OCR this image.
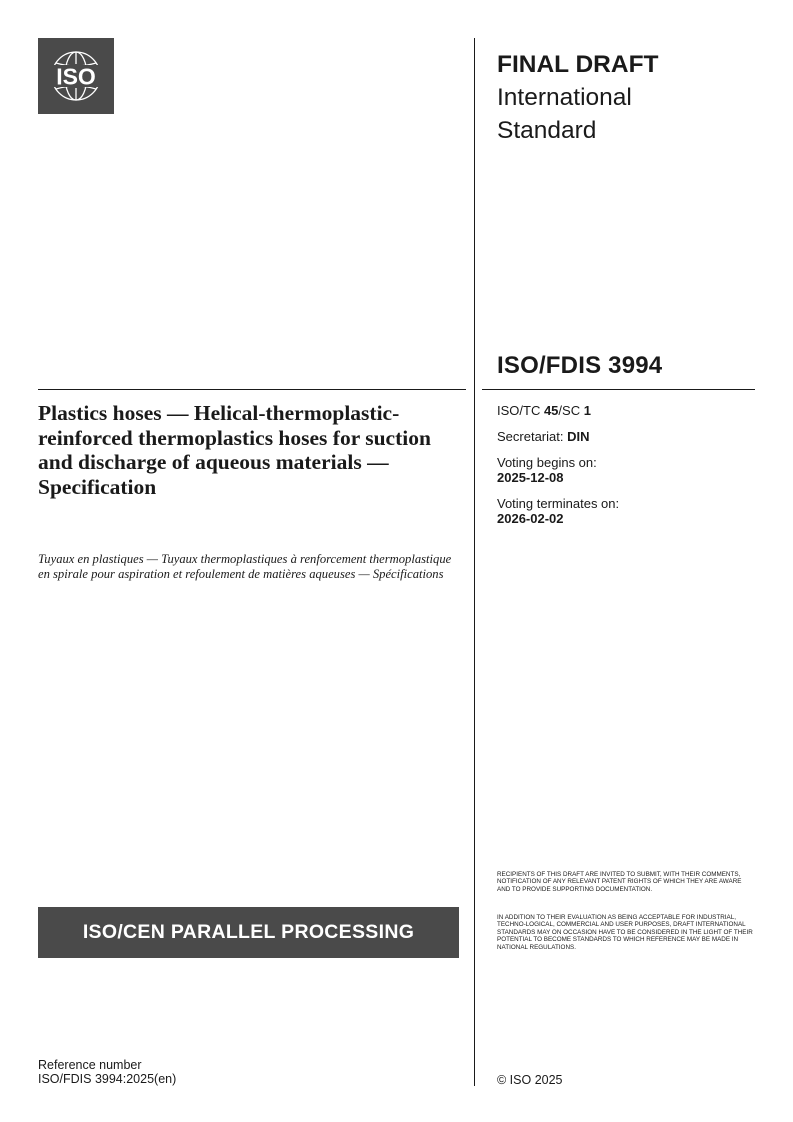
ISO	FINAL DRAFT
International
Standard
ISO/FDIS 3994
Plastics hoses — Helical-thermoplastic-reinforced thermoplastics hoses for suction and discharge of aqueous materials — Specification
Tuyaux en plastiques — Tuyaux thermoplastiques à renforcement thermoplastique en spirale pour aspiration et refoulement de matières aqueuses — Spécifications
ISO/TC 45/SC 1
Secretariat: DIN
Voting begins on:
2025-12-08
Voting terminates on:
2026-02-02
RECIPIENTS OF THIS DRAFT ARE INVITED TO SUBMIT, WITH THEIR COMMENTS, NOTIFICATION OF ANY RELEVANT PATENT RIGHTS OF WHICH THEY ARE AWARE AND TO PROVIDE SUPPORTING DOCUMENTATION.
IN ADDITION TO THEIR EVALUATION AS BEING ACCEPTABLE FOR INDUSTRIAL, TECHNO-LOGICAL, COMMERCIAL AND USER PURPOSES, DRAFT INTERNATIONAL STANDARDS MAY ON OCCASION HAVE TO BE CONSIDERED IN THE LIGHT OF THEIR POTENTIAL TO BECOME STANDARDS TO WHICH REFERENCE MAY BE MADE IN NATIONAL REGULATIONS.
ISO/CEN PARALLEL PROCESSING
Reference number
ISO/FDIS 3994:2025(en)	© ISO 2025
